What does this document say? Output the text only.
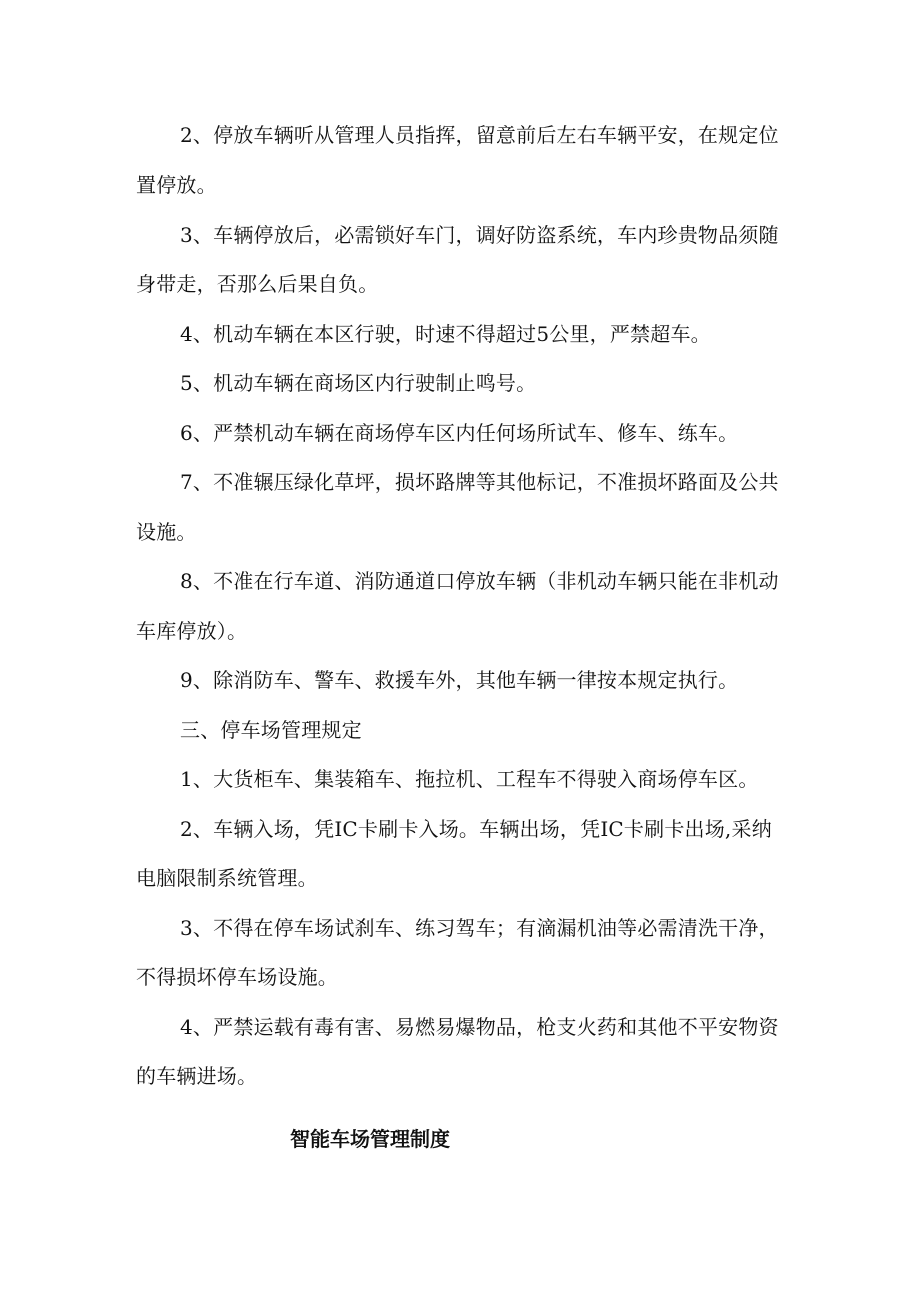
2、停放车辆听从管理人员指挥，留意前后左右车辆平安，在规定位
置停放。
3、车辆停放后，必需锁好车门，调好防盗系统，车内珍贵物品须随
身带走，否那么后果自负。
4、机动车辆在本区行驶，时速不得超过5公里，严禁超车。
5、机动车辆在商场区内行驶制止鸣号。
6、严禁机动车辆在商场停车区内任何场所试车、修车、练车。
7、不准辗压绿化草坪，损坏路牌等其他标记，不准损坏路面及公共
设施。
8、不准在行车道、消防通道口停放车辆（非机动车辆只能在非机动
车库停放）。
9、除消防车、警车、救援车外，其他车辆一律按本规定执行。
三、停车场管理规定
1、大货柜车、集装箱车、拖拉机、工程车不得驶入商场停车区。
2、车辆入场，凭IC卡刷卡入场。车辆出场，凭IC卡刷卡出场,采纳
电脑限制系统管理。
3、不得在停车场试刹车、练习驾车；有滴漏机油等必需清洗干净，
不得损坏停车场设施。
4、严禁运载有毒有害、易燃易爆物品，枪支火药和其他不平安物资
的车辆进场。
智能车场管理制度
